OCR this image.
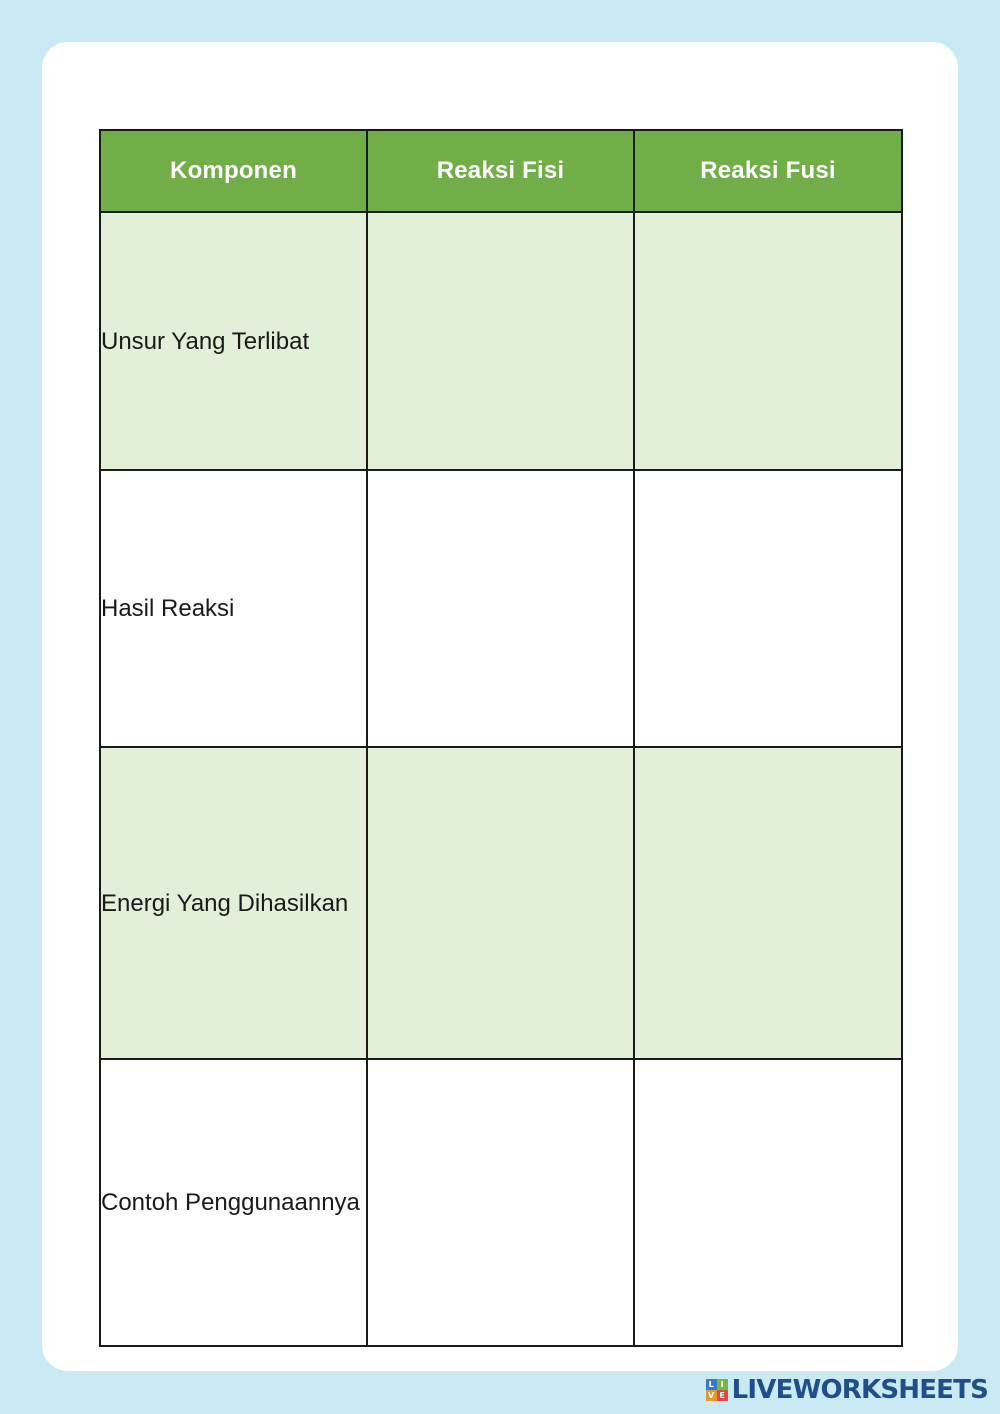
Komponen	Reaksi Fisi	Reaksi Fusi
Unsur Yang Terlibat		
Hasil Reaksi		
Energi Yang Dihasilkan		
Contoh Penggunaannya		
L I
V E LIVEWORKSHEETS
